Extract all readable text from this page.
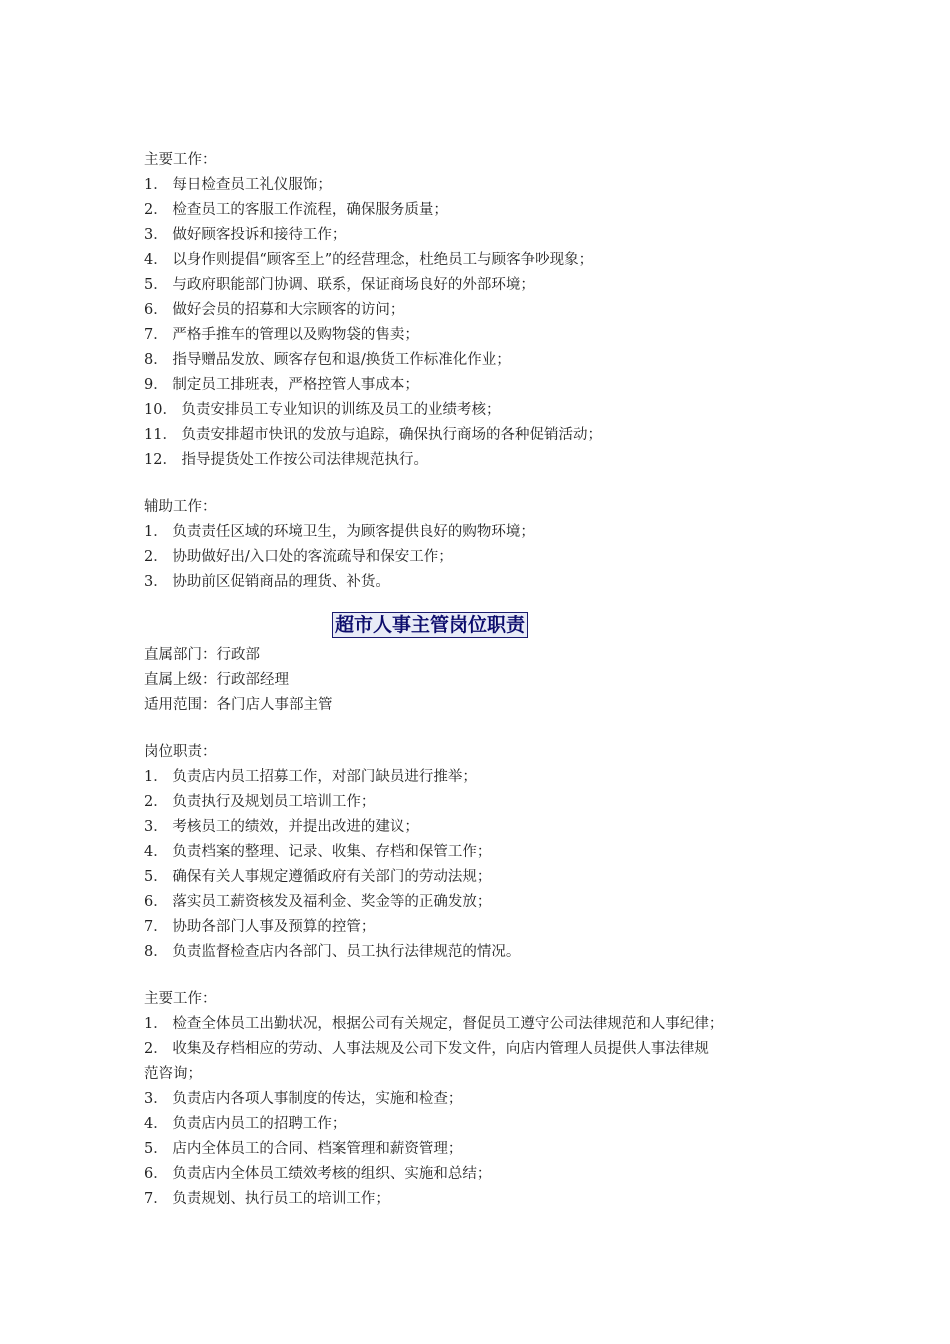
主要工作：
1． 每日检查员工礼仪服饰；
2． 检查员工的客服工作流程，确保服务质量；
3． 做好顾客投诉和接待工作；
4． 以身作则提倡“顾客至上”的经营理念，杜绝员工与顾客争吵现象；
5． 与政府职能部门协调、联系，保证商场良好的外部环境；
6． 做好会员的招募和大宗顾客的访问；
7． 严格手推车的管理以及购物袋的售卖；
8． 指导赠品发放、顾客存包和退/换货工作标准化作业；
9． 制定员工排班表，严格控管人事成本；
10． 负责安排员工专业知识的训练及员工的业绩考核；
11． 负责安排超市快讯的发放与追踪，确保执行商场的各种促销活动；
12． 指导提货处工作按公司法律规范执行。
辅助工作：
1． 负责责任区域的环境卫生，为顾客提供良好的购物环境；
2． 协助做好出/入口处的客流疏导和保安工作；
3． 协助前区促销商品的理货、补货。
超市人事主管岗位职责
直属部门：行政部
直属上级：行政部经理
适用范围：各门店人事部主管
岗位职责：
1． 负责店内员工招募工作，对部门缺员进行推举；
2． 负责执行及规划员工培训工作；
3． 考核员工的绩效，并提出改进的建议；
4． 负责档案的整理、记录、收集、存档和保管工作；
5． 确保有关人事规定遵循政府有关部门的劳动法规；
6． 落实员工薪资核发及福利金、奖金等的正确发放；
7． 协助各部门人事及预算的控管；
8． 负责监督检查店内各部门、员工执行法律规范的情况。
主要工作：
1． 检查全体员工出勤状况，根据公司有关规定，督促员工遵守公司法律规范和人事纪律；
2． 收集及存档相应的劳动、人事法规及公司下发文件，向店内管理人员提供人事法律规
范咨询；
3． 负责店内各项人事制度的传达，实施和检查；
4． 负责店内员工的招聘工作；
5． 店内全体员工的合同、档案管理和薪资管理；
6． 负责店内全体员工绩效考核的组织、实施和总结；
7． 负责规划、执行员工的培训工作；
